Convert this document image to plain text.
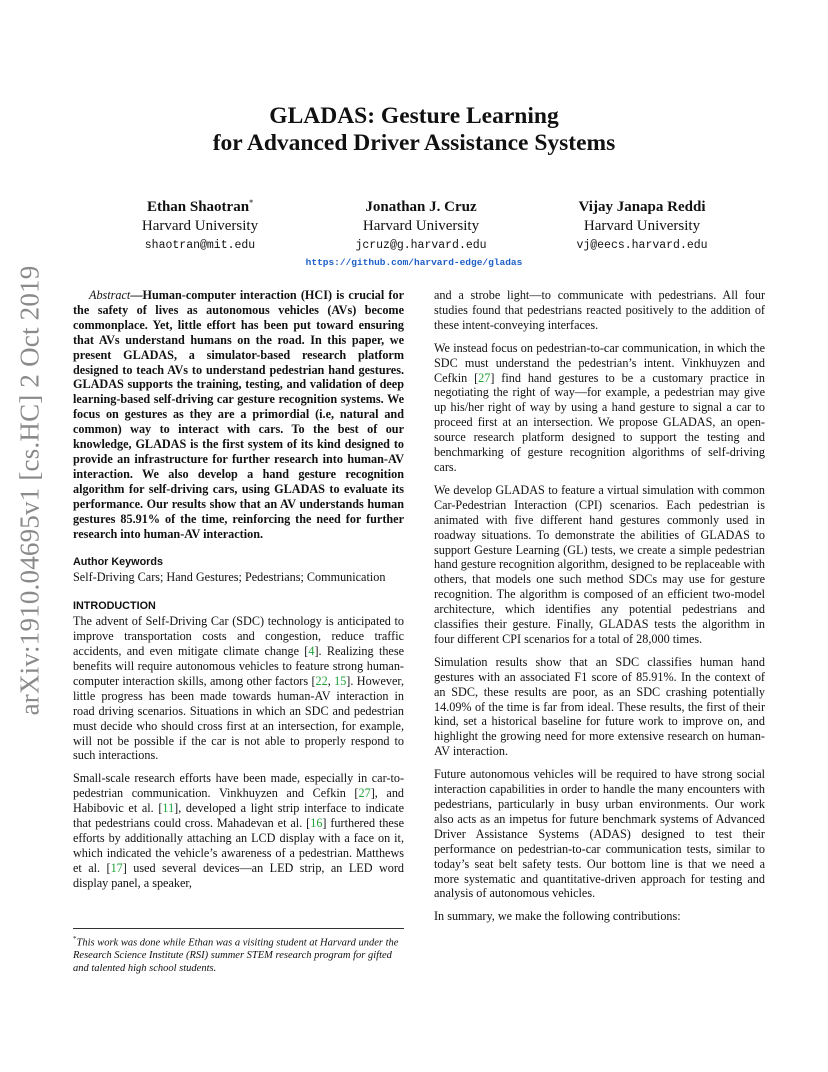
arXiv:1910.04695v1 [cs.HC] 2 Oct 2019
GLADAS: Gesture Learning
for Advanced Driver Assistance Systems
Ethan Shaotran*
Harvard University
shaotran@mit.edu
Jonathan J. Cruz
Harvard University
jcruz@g.harvard.edu
Vijay Janapa Reddi
Harvard University
vj@eecs.harvard.edu
https://github.com/harvard-edge/gladas

Abstract—Human-computer interaction (HCI) is crucial for the safety of lives as autonomous vehicles (AVs) become commonplace. Yet, little effort has been put toward ensuring that AVs understand humans on the road. In this paper, we present GLADAS, a simulator-based research platform designed to teach AVs to understand pedestrian hand gestures. GLADAS supports the training, testing, and validation of deep learning-based self-driving car gesture recognition systems. We focus on gestures as they are a primordial (i.e, natural and common) way to interact with cars. To the best of our knowledge, GLADAS is the first system of its kind designed to provide an infrastructure for further research into human-AV interaction. We also develop a hand gesture recognition algorithm for self-driving cars, using GLADAS to evaluate its performance. Our results show that an AV understands human gestures 85.91% of the time, reinforcing the need for further research into human-AV interaction.

Author Keywords

Self-Driving Cars; Hand Gestures; Pedestrians; Communication

INTRODUCTION

The advent of Self-Driving Car (SDC) technology is anticipated to improve transportation costs and congestion, reduce traffic accidents, and even mitigate climate change [4]. Realizing these benefits will require autonomous vehicles to feature strong human-computer interaction skills, among other factors [22, 15]. However, little progress has been made towards human-AV interaction in road driving scenarios. Situations in which an SDC and pedestrian must decide who should cross first at an intersection, for example, will not be possible if the car is not able to properly respond to such interactions.

Small-scale research efforts have been made, especially in car-to-pedestrian communication. Vinkhuyzen and Cefkin [27], and Habibovic et al. [11], developed a light strip interface to indicate that pedestrians could cross. Mahadevan et al. [16] furthered these efforts by additionally attaching an LCD display with a face on it, which indicated the vehicle’s awareness of a pedestrian. Matthews et al. [17] used several devices—an LED strip, an LED word display panel, a speaker,

*This work was done while Ethan was a visiting student at Harvard under the Research Science Institute (RSI) summer STEM research program for gifted and talented high school students.

and a strobe light—to communicate with pedestrians. All four studies found that pedestrians reacted positively to the addition of these intent-conveying interfaces.

We instead focus on pedestrian-to-car communication, in which the SDC must understand the pedestrian’s intent. Vinkhuyzen and Cefkin [27] find hand gestures to be a customary practice in negotiating the right of way—for example, a pedestrian may give up his/her right of way by using a hand gesture to signal a car to proceed first at an intersection. We propose GLADAS, an open-source research platform designed to support the testing and benchmarking of gesture recognition algorithms of self-driving cars.

We develop GLADAS to feature a virtual simulation with common Car-Pedestrian Interaction (CPI) scenarios. Each pedestrian is animated with five different hand gestures commonly used in roadway situations. To demonstrate the abilities of GLADAS to support Gesture Learning (GL) tests, we create a simple pedestrian hand gesture recognition algorithm, designed to be replaceable with others, that models one such method SDCs may use for gesture recognition. The algorithm is composed of an efficient two-model architecture, which identifies any potential pedestrians and classifies their gesture. Finally, GLADAS tests the algorithm in four different CPI scenarios for a total of 28,000 times.

Simulation results show that an SDC classifies human hand gestures with an associated F1 score of 85.91%. In the context of an SDC, these results are poor, as an SDC crashing potentially 14.09% of the time is far from ideal. These results, the first of their kind, set a historical baseline for future work to improve on, and highlight the growing need for more extensive research on human-AV interaction.

Future autonomous vehicles will be required to have strong social interaction capabilities in order to handle the many encounters with pedestrians, particularly in busy urban environments. Our work also acts as an impetus for future benchmark systems of Advanced Driver Assistance Systems (ADAS) designed to test their performance on pedestrian-to-car communication tests, similar to today’s seat belt safety tests. Our bottom line is that we need a more systematic and quantitative-driven approach for testing and analysis of autonomous vehicles.

In summary, we make the following contributions:
